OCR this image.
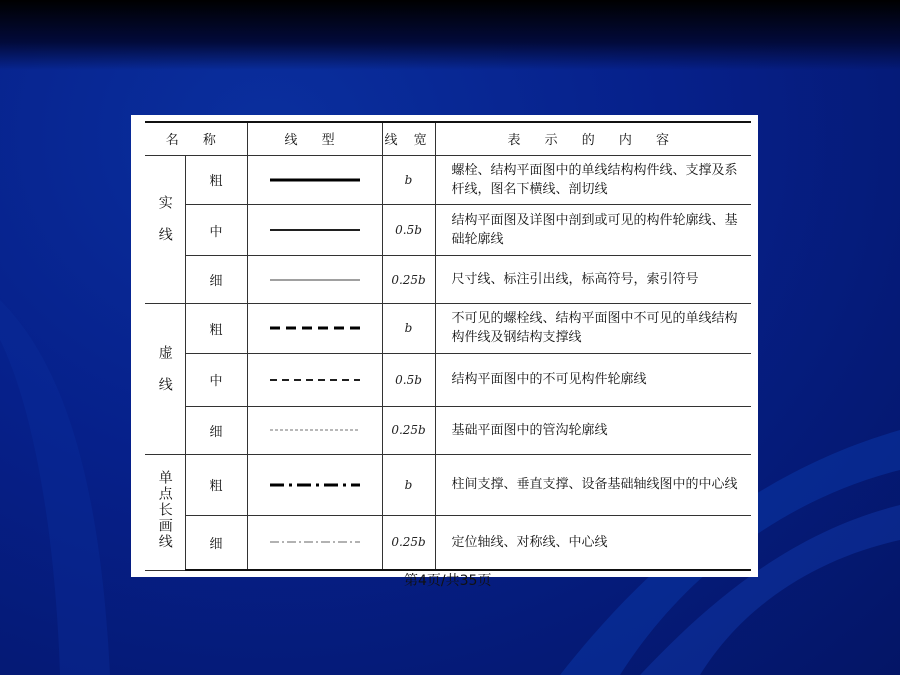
名 称		线 型	线 宽	表 示 的 内 容
实线	粗		b	螺栓、结构平面图中的单线结构构件线、支撑及系杆线，图名下横线、剖切线
	中		0.5b	结构平面图及详图中剖到或可见的构件轮廓线、基础轮廓线
	细		0.25b	尺寸线、标注引出线，标高符号，索引符号
虚线	粗		b	不可见的螺栓线、结构平面图中不可见的单线结构构件线及钢结构支撑线
	中		0.5b	结构平面图中的不可见构件轮廓线
	细		0.25b	基础平面图中的管沟轮廓线
单点长画线	粗		b	柱间支撑、垂直支撑、设备基础轴线图中的中心线
	细		0.25b	定位轴线、对称线、中心线
第4页/共35页
